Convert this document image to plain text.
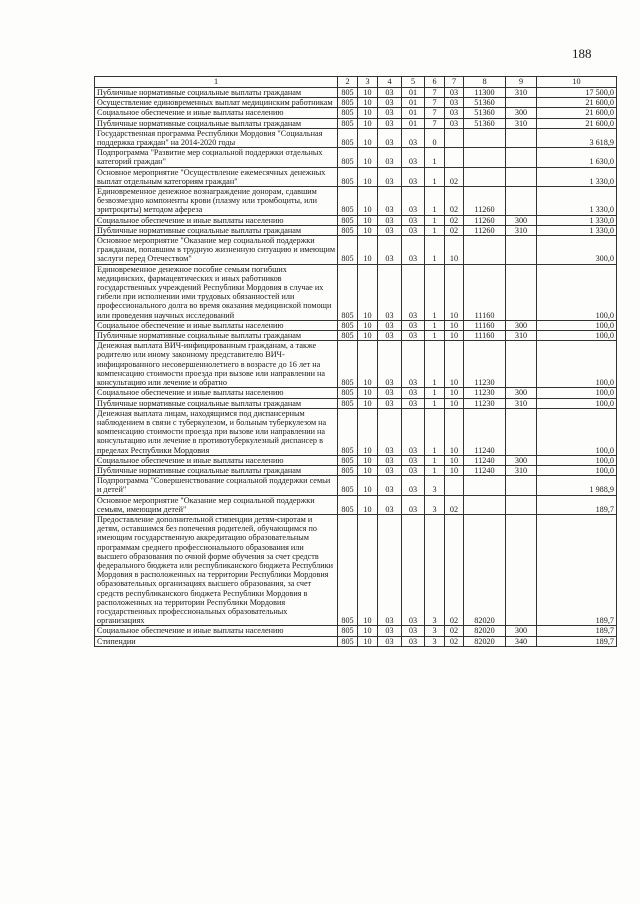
188
1	2	3	4	5	6	7	8	9	10
Публичные нормативные социальные выплаты гражданам	805	10	03	01	7	03	11300	310	17 500,0
Осуществление единовременных выплат медицинским работникам	805	10	03	01	7	03	51360		21 600,0
Социальное обеспечение и иные выплаты населению	805	10	03	01	7	03	51360	300	21 600,0
Публичные нормативные социальные выплаты гражданам	805	10	03	01	7	03	51360	310	21 600,0
Государственная программа Республики Мордовия "Социальная поддержка граждан" на 2014-2020 годы	805	10	03	03	0				3 618,9
Подпрограмма "Развитие мер социальной поддержки отдельных категорий граждан"	805	10	03	03	1				1 630,0
Основное мероприятие "Осуществление ежемесячных денежных выплат отдельным категориям граждан"	805	10	03	03	1	02			1 330,0
Единовременное денежное вознаграждение донорам, сдавшим безвозмездно компоненты крови (плазму или тромбоциты, или эритроциты) методом афереза	805	10	03	03	1	02	11260		1 330,0
Социальное обеспечение и иные выплаты населению	805	10	03	03	1	02	11260	300	1 330,0
Публичные нормативные социальные выплаты гражданам	805	10	03	03	1	02	11260	310	1 330,0
Основное мероприятие "Оказание мер социальной поддержки гражданам, попавшим в трудную жизненную ситуацию и имеющим заслуги перед Отечеством"	805	10	03	03	1	10			300,0
Единовременное денежное пособие семьям погибших медицинских, фармацевтических и иных работников государственных учреждений Республики Мордовия в случае их гибели при исполнении ими трудовых обязанностей или профессионального долга во время оказания медицинской помощи или проведения научных исследований	805	10	03	03	1	10	11160		100,0
Социальное обеспечение и иные выплаты населению	805	10	03	03	1	10	11160	300	100,0
Публичные нормативные социальные выплаты гражданам	805	10	03	03	1	10	11160	310	100,0
Денежная выплата ВИЧ-инфицированным гражданам, а также родителю или иному законному представителю ВИЧ-инфицированного несовершеннолетнего в возрасте до 16 лет на компенсацию стоимости проезда при вызове или направлении на консультацию или лечение и обратно	805	10	03	03	1	10	11230		100,0
Социальное обеспечение и иные выплаты населению	805	10	03	03	1	10	11230	300	100,0
Публичные нормативные социальные выплаты гражданам	805	10	03	03	1	10	11230	310	100,0
Денежная выплата лицам, находящимся под диспансерным наблюдением в связи с туберкулезом, и больным туберкулезом на компенсацию стоимости проезда при вызове или направлении на консультацию или лечение в противотуберкулезный диспансер в пределах Республики Мордовия	805	10	03	03	1	10	11240		100,0
Социальное обеспечение и иные выплаты населению	805	10	03	03	1	10	11240	300	100,0
Публичные нормативные социальные выплаты гражданам	805	10	03	03	1	10	11240	310	100,0
Подпрограмма "Совершенствование социальной поддержки семьи и детей"	805	10	03	03	3				1 988,9
Основное мероприятие "Оказание мер социальной поддержки семьям, имеющим детей"	805	10	03	03	3	02			189,7
Предоставление дополнительной стипендии детям-сиротам и детям, оставшимся без попечения родителей, обучающимся по имеющим государственную аккредитацию образовательным программам среднего профессионального образования или высшего образования по очной форме обучения за счет средств федерального бюджета или республиканского бюджета Республики Мордовия в расположенных на территории Республики Мордовия образовательных организациях высшего образования, за счет средств республиканского бюджета Республики Мордовия в расположенных на территории Республики Мордовия государственных профессиональных образовательных организациях	805	10	03	03	3	02	82020		189,7
Социальное обеспечение и иные выплаты населению	805	10	03	03	3	02	82020	300	189,7
Стипендии	805	10	03	03	3	02	82020	340	189,7
